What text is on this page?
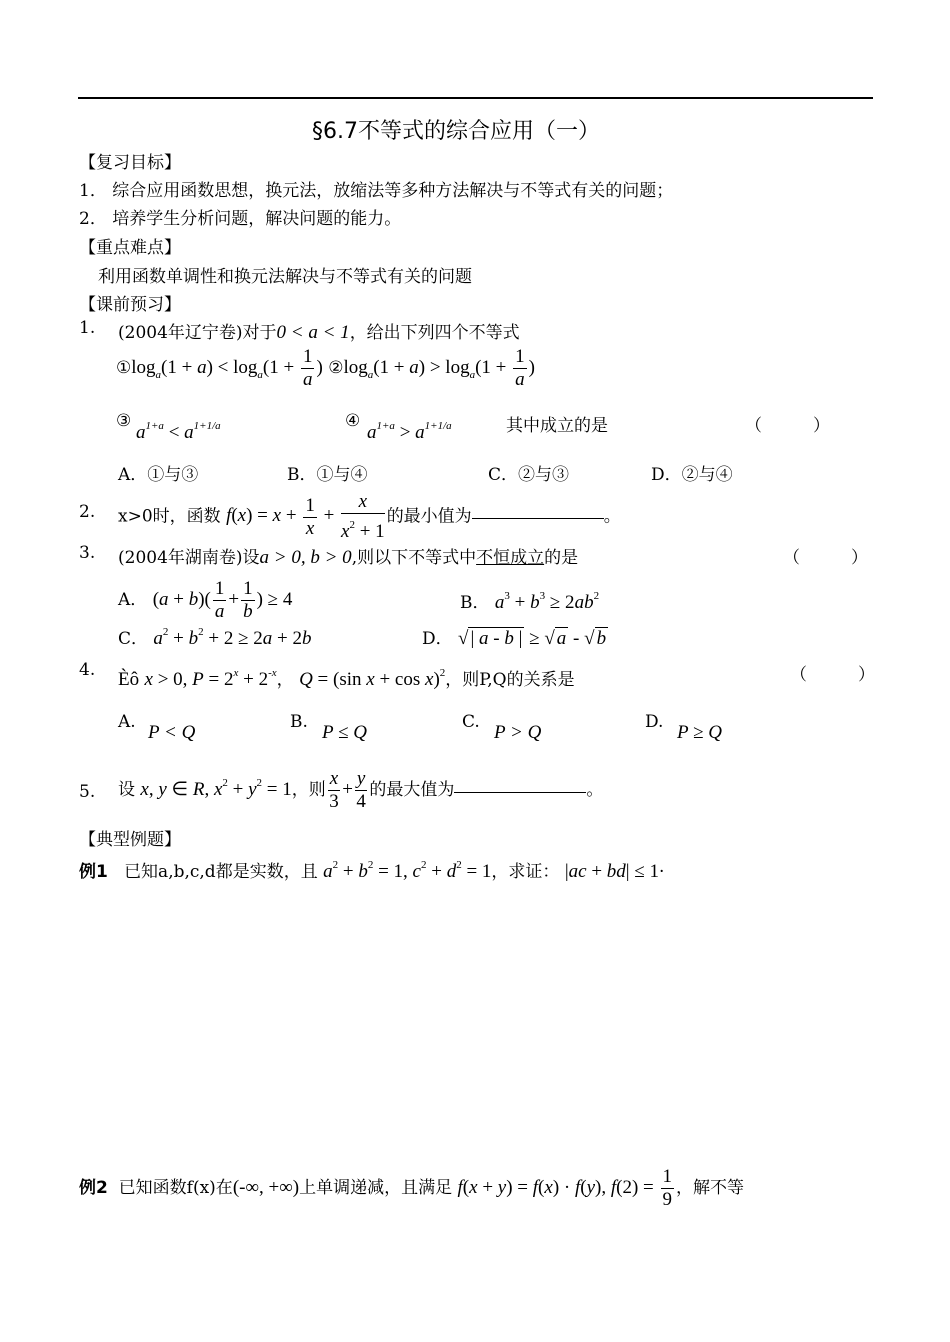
§6.7不等式的综合应用（一）
【复习目标】
1． 综合应用函数思想，换元法，放缩法等多种方法解决与不等式有关的问题；
2． 培养学生分析问题，解决问题的能力。
【重点难点】
利用函数单调性和换元法解决与不等式有关的问题
【课前预习】
1. (2004年辽宁卷)对于0 < a < 1，给出下列四个不等式
$①\log_a(1 + a) < \log_a(1 + \frac{1}{a}$ ) $②\log_a(1 + a) > \log_a(1 + \frac{1}{a}$ )
③
$a^{1+a} < a^{1+1/a}$	④
$a^{1+a} > a^{1+1/a}$	其中成立的是	（　　　）
A．①与③	B．①与④	C．②与③	D．②与④
2. x>0时，函数 $f(x) = x + \frac{1}{x} + \frac{x}{x^2 + 1}$ 的最小值为	。
3. (2004年湖南卷)设a > 0, b > 0,则以下不等式中不恒成立的是	（　　　）
A． $(a + b)( \frac{1}{a} + \frac{1}{b}$ ) ≥ 4	B． $a^3 + b^3 \ge 2ab^2$
C． $a^2 + b^2 + 2 \ge 2a + 2b$	D． √ | a - b | ≥ √ a - √ b
4. Èô x > 0, $P = 2^x + 2^{-x}$， Q = (sin x + cos x)$^2$，则P,Q的关系是	（　　　）
A. P < Q	B. P ≤ Q	C. P > Q	D. P ≥ Q
5. 设 x, y ∈ R, $x^2 + y^2 = 1$，则 $\frac{x}{3} + \frac{y}{4}$ 的最大值为	。
【典型例题】
例1 已知a,b,c,d都是实数，且 $a^2 + b^2 = 1$, $c^2 + d^2 = 1$，求证： |ac + bd| ≤ 1·
例2 已知函数f(x)在(-∞, +∞)上单调递减，且满足 f(x + y) = f(x) · f(y), $f(2) = \frac{1}{9}$ ，解不等
